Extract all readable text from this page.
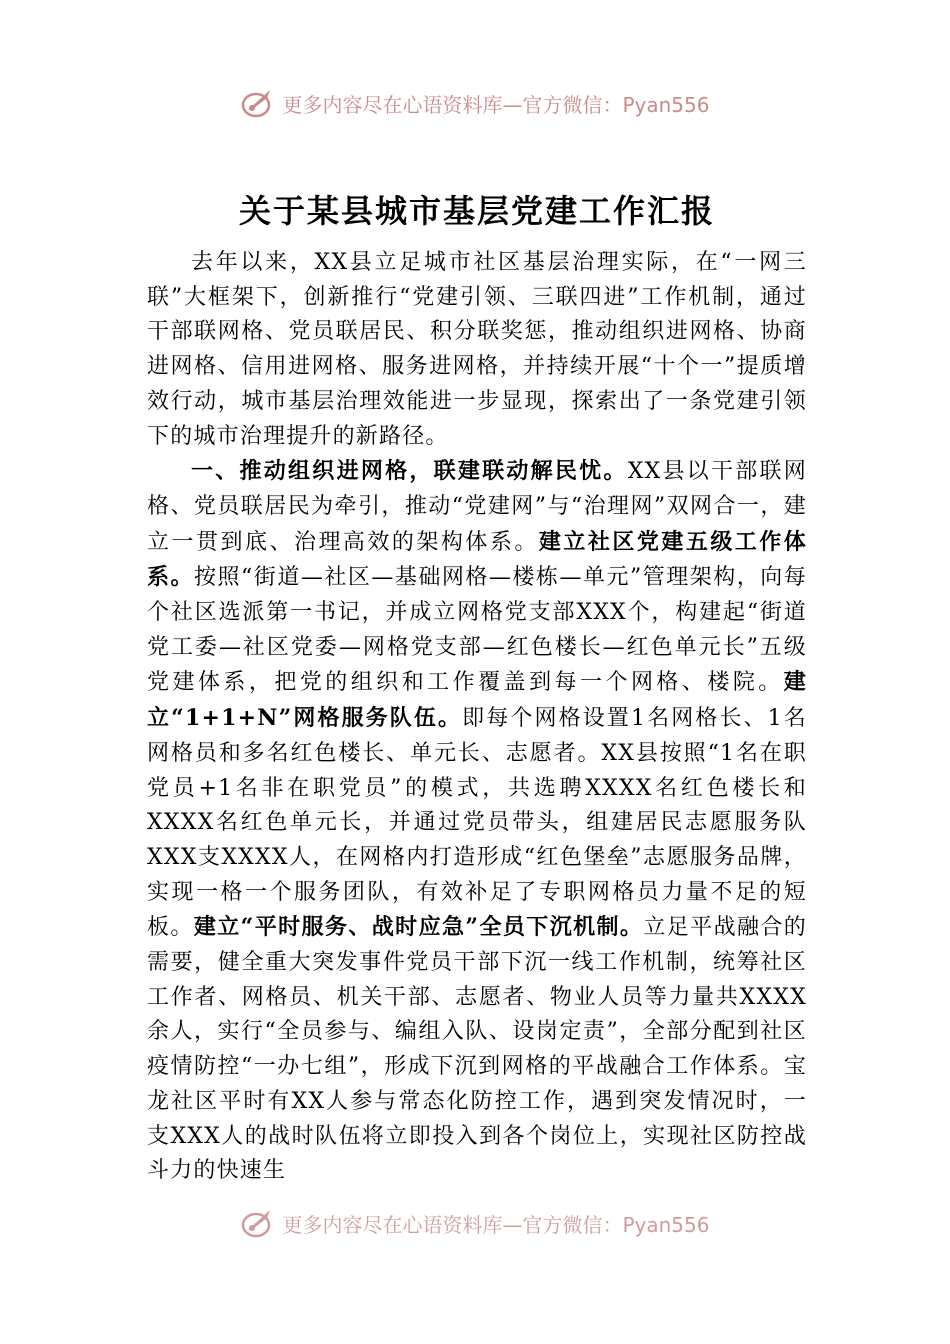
更多内容尽在心语资料库—官方微信：Pyan556
关于某县城市基层党建工作汇报

去年以来，XX县立足城市社区基层治理实际，在“一网三联”大框架下，创新推行“党建引领、三联四进”工作机制，通过干部联网格、党员联居民、积分联奖惩，推动组织进网格、协商进网格、信用进网格、服务进网格，并持续开展“十个一”提质增效行动，城市基层治理效能进一步显现，探索出了一条党建引领下的城市治理提升的新路径。

一、推动组织进网格，联建联动解民忧。XX县以干部联网格、党员联居民为牵引，推动“党建网”与“治理网”双网合一，建立一贯到底、治理高效的架构体系。建立社区党建五级工作体系。按照“街道—社区—基础网格—楼栋—单元”管理架构，向每个社区选派第一书记，并成立网格党支部XXX个，构建起“街道党工委—社区党委—网格党支部—红色楼长—红色单元长”五级党建体系，把党的组织和工作覆盖到每一个网格、楼院。建立“1+1+N”网格服务队伍。即每个网格设置1名网格长、1名网格员和多名红色楼长、单元长、志愿者。XX县按照“1名在职党员+1名非在职党员”的模式，共选聘XXXX名红色楼长和XXXX名红色单元长，并通过党员带头，组建居民志愿服务队XXX支XXXX人，在网格内打造形成“红色堡垒”志愿服务品牌，实现一格一个服务团队，有效补足了专职网格员力量不足的短板。建立“平时服务、战时应急”全员下沉机制。立足平战融合的需要，健全重大突发事件党员干部下沉一线工作机制，统筹社区工作者、网格员、机关干部、志愿者、物业人员等力量共XXXX余人，实行“全员参与、编组入队、设岗定责”，全部分配到社区疫情防控“一办七组”，形成下沉到网格的平战融合工作体系。宝龙社区平时有XX人参与常态化防控工作，遇到突发情况时，一支XXX人的战时队伍将立即投入到各个岗位上，实现社区防控战斗力的快速生

更多内容尽在心语资料库—官方微信：Pyan556
